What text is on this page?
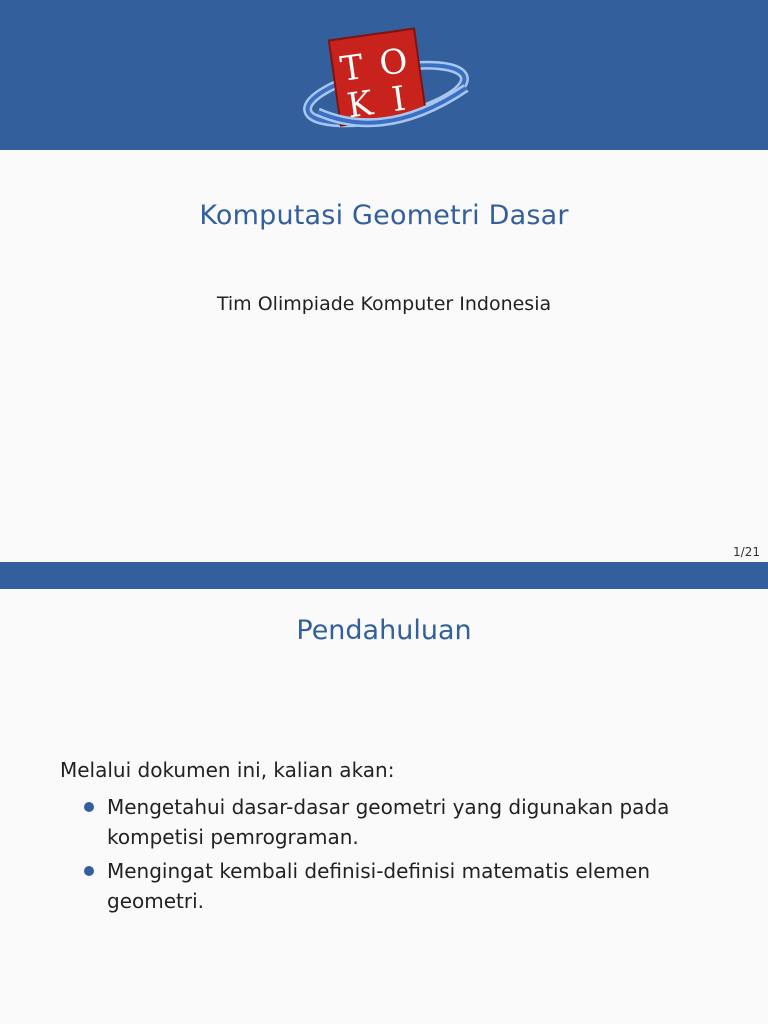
T O
K I
Komputasi Geometri Dasar
Tim Olimpiade Komputer Indonesia
1/21
Pendahuluan
Melalui dokumen ini, kalian akan:
Mengetahui dasar-dasar geometri yang digunakan pada kompetisi pemrograman.
Mengingat kembali definisi-definisi matematis elemen geometri.
